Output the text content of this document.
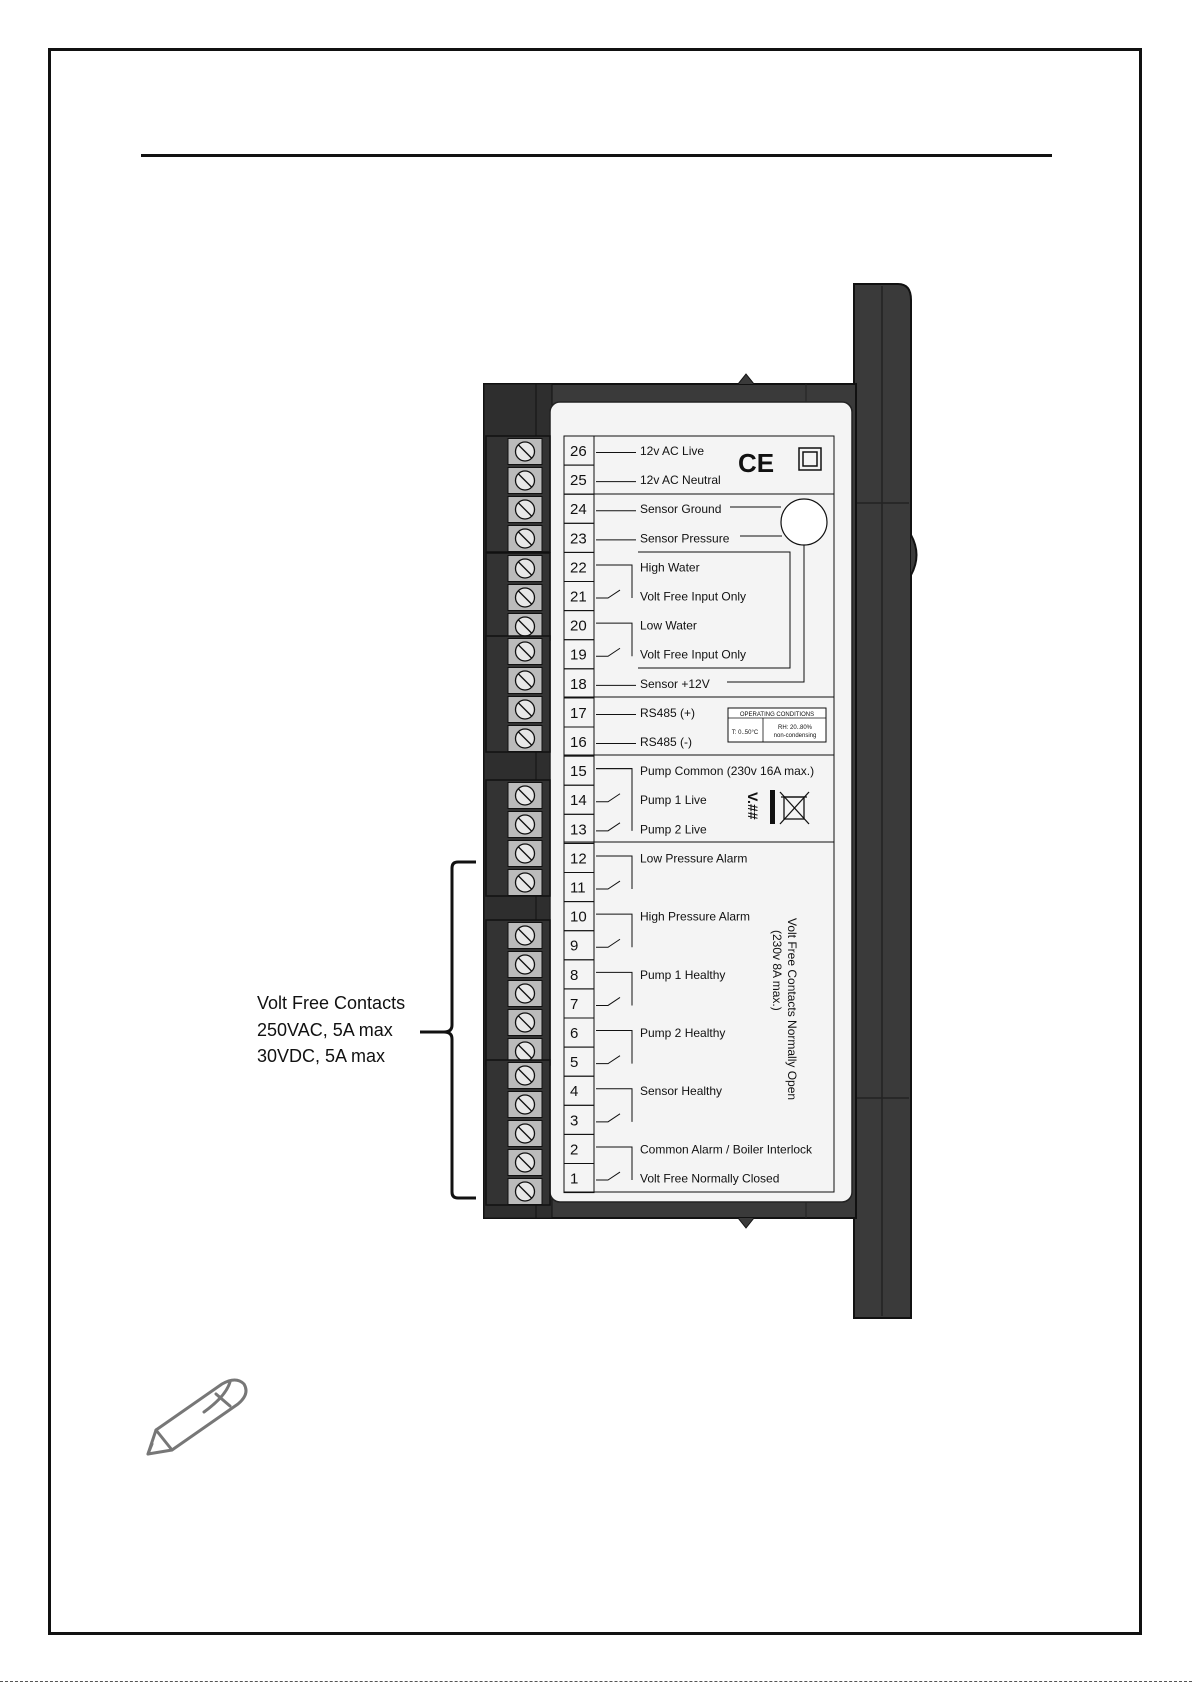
26	12v AC Live
25	12v AC Neutral
24	Sensor Ground
23	Sensor Pressure
22	High Water
21	Volt Free Input Only
20	Low Water
19	Volt Free Input Only
18	Sensor +12V
17	RS485 (+)
16	RS485 (-)
15	Pump Common (230v 16A max.)
14	Pump 1 Live
13	Pump 2 Live
12	Low Pressure Alarm
11
10	High Pressure Alarm
9
8	Pump 1 Healthy
7
6	Pump 2 Healthy
5
4	Sensor Healthy
3
2	Common Alarm / Boiler Interlock
1	Volt Free Normally Closed
CE
OPERATING CONDITIONS
T: 0..50°C
RH: 20..80%
non-condensing
V.##
Volt Free Contacts Normally Open
(230v 8A max.)
Volt Free Contacts
250VAC, 5A max
30VDC, 5A max
